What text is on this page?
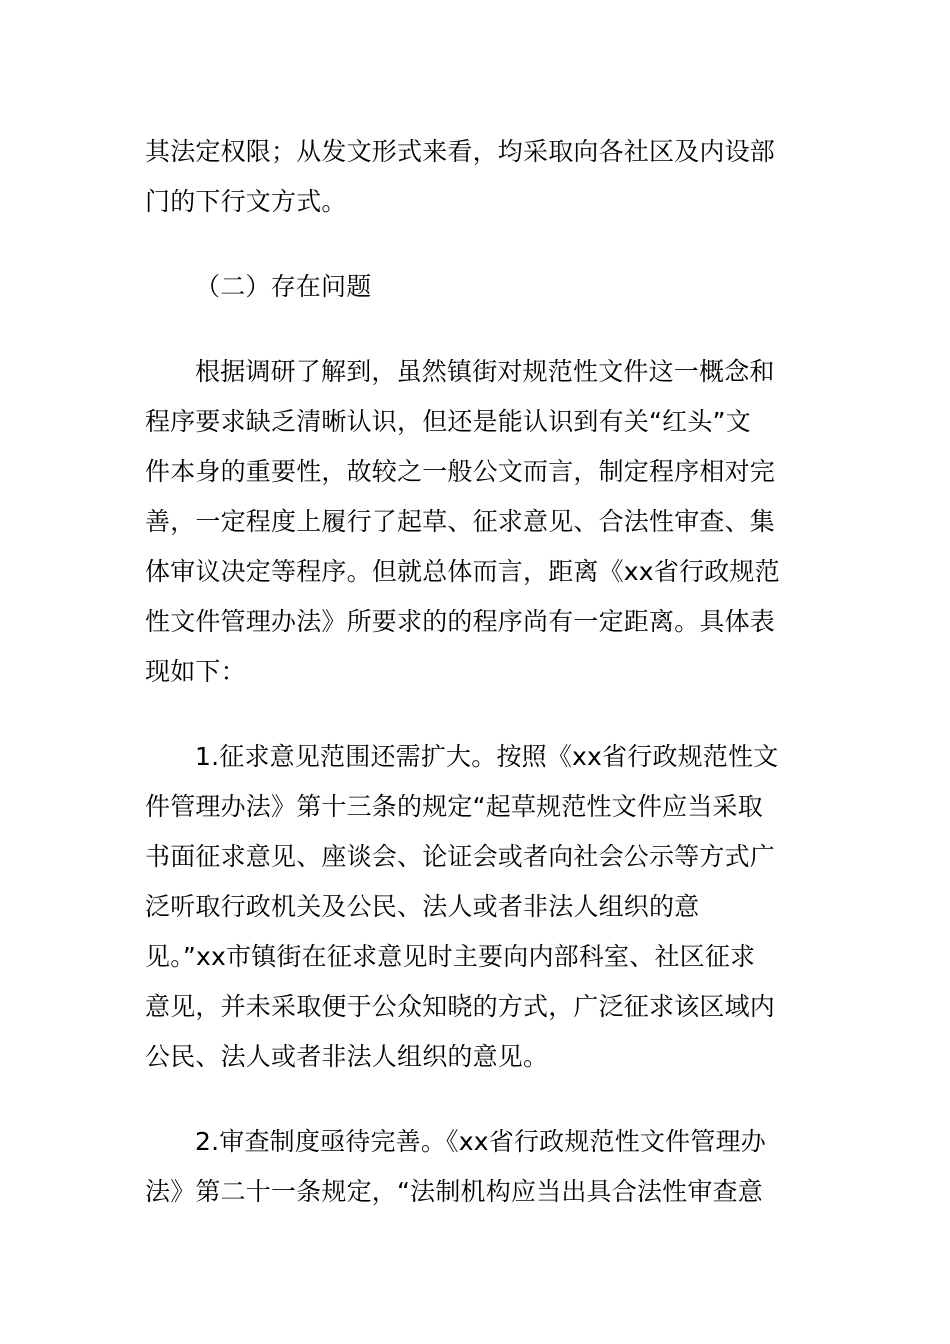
其法定权限；从发文形式来看，均采取向各社区及内设部
门的下行文方式。
（二）存在问题
根据调研了解到，虽然镇街对规范性文件这一概念和
程序要求缺乏清晰认识，但还是能认识到有关“红头”文
件本身的重要性，故较之一般公文而言，制定程序相对完
善，一定程度上履行了起草、征求意见、合法性审查、集
体审议决定等程序。但就总体而言，距离《xx省行政规范
性文件管理办法》所要求的的程序尚有一定距离。具体表
现如下：
1.征求意见范围还需扩大。按照《xx省行政规范性文
件管理办法》第十三条的规定“起草规范性文件应当采取
书面征求意见、座谈会、论证会或者向社会公示等方式广
泛听取行政机关及公民、法人或者非法人组织的意
见。”xx市镇街在征求意见时主要向内部科室、社区征求
意见，并未采取便于公众知晓的方式，广泛征求该区域内
公民、法人或者非法人组织的意见。
2.审查制度亟待完善。《xx省行政规范性文件管理办
法》第二十一条规定，“法制机构应当出具合法性审查意
